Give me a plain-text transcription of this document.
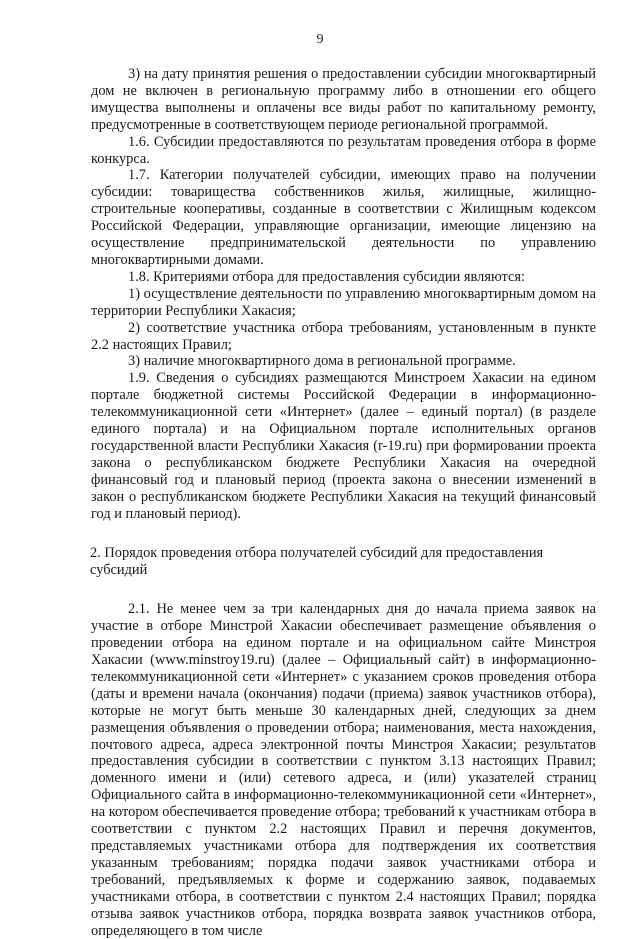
9

3) на дату принятия решения о предоставлении субсидии многоквартирный дом не включен в региональную программу либо в отношении его общего имущества выполнены и оплачены все виды работ по капитальному ремонту, предусмотренные в соответствующем периоде региональной программой.

1.6. Субсидии предоставляются по результатам проведения отбора в форме конкурса.

1.7. Категории получателей субсидии, имеющих право на получении субсидии: товарищества собственников жилья, жилищные, жилищно-строительные кооперативы, созданные в соответствии с Жилищным кодексом Российской Федерации, управляющие организации, имеющие лицензию на осуществление предпринимательской деятельности по управлению многоквартирными домами.

1.8. Критериями отбора для предоставления субсидии являются:

1) осуществление деятельности по управлению многоквартирным домом на территории Республики Хакасия;

2) соответствие участника отбора требованиям, установленным в пункте 2.2 настоящих Правил;

3) наличие многоквартирного дома в региональной программе.

1.9. Сведения о субсидиях размещаются Минстроем Хакасии на едином портале бюджетной системы Российской Федерации в информационно-телекоммуникационной сети «Интернет» (далее – единый портал) (в разделе единого портала) и на Официальном портале исполнительных органов государственной власти Республики Хакасия (r-19.ru) при формировании проекта закона о республиканском бюджете Республики Хакасия на очередной финансовый год и плановый период (проекта закона о внесении изменений в закон о республиканском бюджете Республики Хакасия на текущий финансовый год и плановый период).

2. Порядок проведения отбора получателей субсидий для предоставления субсидий

2.1. Не менее чем за три календарных дня до начала приема заявок на участие в отборе Минстрой Хакасии обеспечивает размещение объявления о проведении отбора на едином портале и на официальном сайте Минстроя Хакасии (www.minstroy19.ru) (далее – Официальный сайт) в информационно-телекоммуникационной сети «Интернет» с указанием сроков проведения отбора (даты и времени начала (окончания) подачи (приема) заявок участников отбора), которые не могут быть меньше 30 календарных дней, следующих за днем размещения объявления о проведении отбора; наименования, места нахождения, почтового адреса, адреса электронной почты Минстроя Хакасии; результатов предоставления субсидии в соответствии с пунктом 3.13 настоящих Правил; доменного имени и (или) сетевого адреса, и (или) указателей страниц Официального сайта в информационно-телекоммуникационной сети «Интернет», на котором обеспечивается проведение отбора; требований к участникам отбора в соответствии с пунктом 2.2 настоящих Правил и перечня документов, представляемых участниками отбора для подтверждения их соответствия указанным требованиям; порядка подачи заявок участниками отбора и требований, предъявляемых к форме и содержанию заявок, подаваемых участниками отбора, в соответствии с пунктом 2.4 настоящих Правил; порядка отзыва заявок участников отбора, порядка возврата заявок участников отбора, определяющего в том числе
